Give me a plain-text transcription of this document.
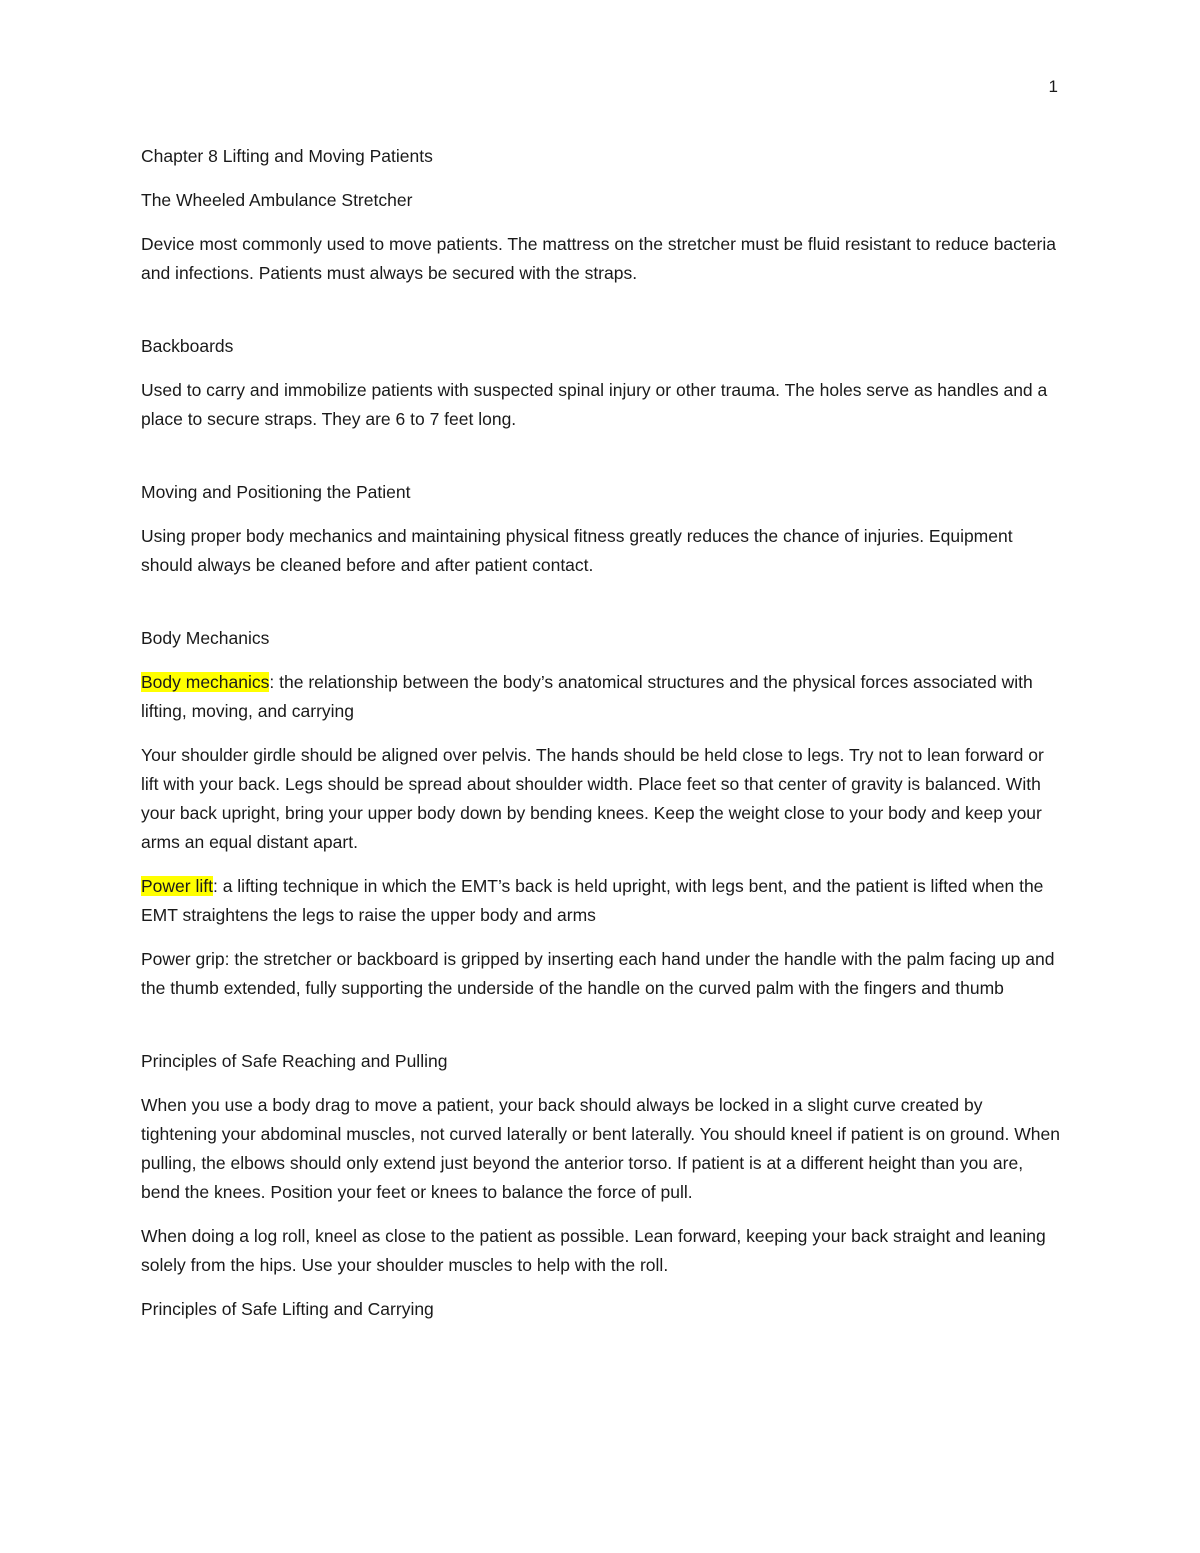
1

Chapter 8 Lifting and Moving Patients

The Wheeled Ambulance Stretcher

Device most commonly used to move patients. The mattress on the stretcher must be fluid resistant to reduce bacteria and infections. Patients must always be secured with the straps.

Backboards

Used to carry and immobilize patients with suspected spinal injury or other trauma. The holes serve as handles and a place to secure straps. They are 6 to 7 feet long.

Moving and Positioning the Patient

Using proper body mechanics and maintaining physical fitness greatly reduces the chance of injuries. Equipment should always be cleaned before and after patient contact.

Body Mechanics

Body mechanics: the relationship between the body’s anatomical structures and the physical forces associated with lifting, moving, and carrying

Your shoulder girdle should be aligned over pelvis. The hands should be held close to legs. Try not to lean forward or lift with your back. Legs should be spread about shoulder width. Place feet so that center of gravity is balanced. With your back upright, bring your upper body down by bending knees. Keep the weight close to your body and keep your arms an equal distant apart.

Power lift: a lifting technique in which the EMT’s back is held upright, with legs bent, and the patient is lifted when the EMT straightens the legs to raise the upper body and arms

Power grip: the stretcher or backboard is gripped by inserting each hand under the handle with the palm facing up and the thumb extended, fully supporting the underside of the handle on the curved palm with the fingers and thumb

Principles of Safe Reaching and Pulling

When you use a body drag to move a patient, your back should always be locked in a slight curve created by tightening your abdominal muscles, not curved laterally or bent laterally. You should kneel if patient is on ground. When pulling, the elbows should only extend just beyond the anterior torso. If patient is at a different height than you are, bend the knees. Position your feet or knees to balance the force of pull.

When doing a log roll, kneel as close to the patient as possible. Lean forward, keeping your back straight and leaning solely from the hips. Use your shoulder muscles to help with the roll.

Principles of Safe Lifting and Carrying
